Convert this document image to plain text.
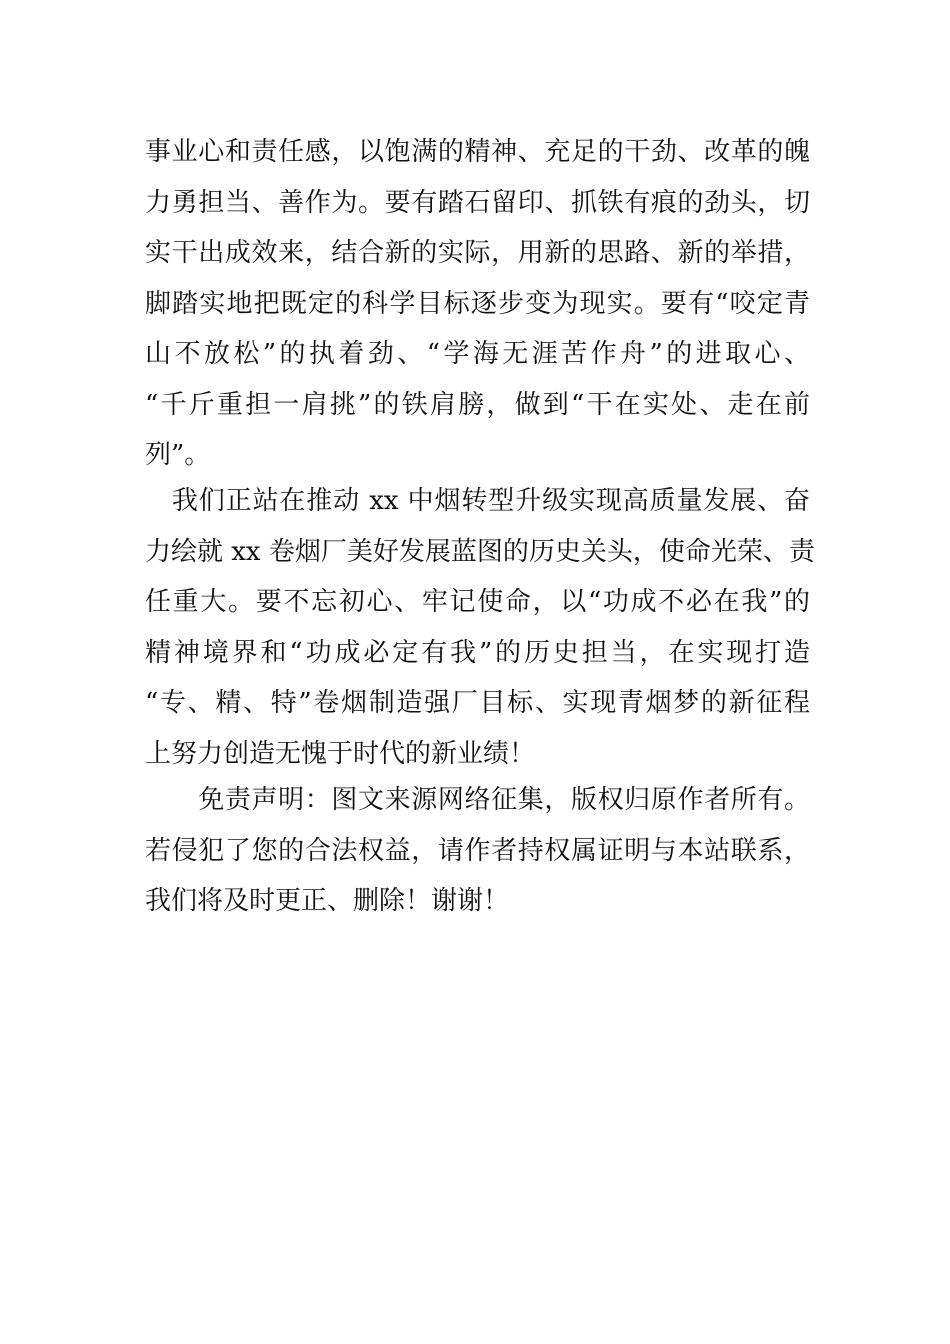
事业心和责任感，以饱满的精神、充足的干劲、改革的魄
力勇担当、善作为。要有踏石留印、抓铁有痕的劲头，切
实干出成效来，结合新的实际，用新的思路、新的举措，
脚踏实地把既定的科学目标逐步变为现实。要有“咬定青
山不放松”的执着劲、“学海无涯苦作舟”的进取心、
“千斤重担一肩挑”的铁肩膀，做到“干在实处、走在前
列”。
　我们正站在推动 xx 中烟转型升级实现高质量发展、奋
力绘就 xx 卷烟厂美好发展蓝图的历史关头，使命光荣、责
任重大。要不忘初心、牢记使命，以“功成不必在我”的
精神境界和“功成必定有我”的历史担当，在实现打造
“专、精、特”卷烟制造强厂目标、实现青烟梦的新征程
上努力创造无愧于时代的新业绩！
　　免责声明：图文来源网络征集，版权归原作者所有。
若侵犯了您的合法权益，请作者持权属证明与本站联系，
我们将及时更正、删除！谢谢！
